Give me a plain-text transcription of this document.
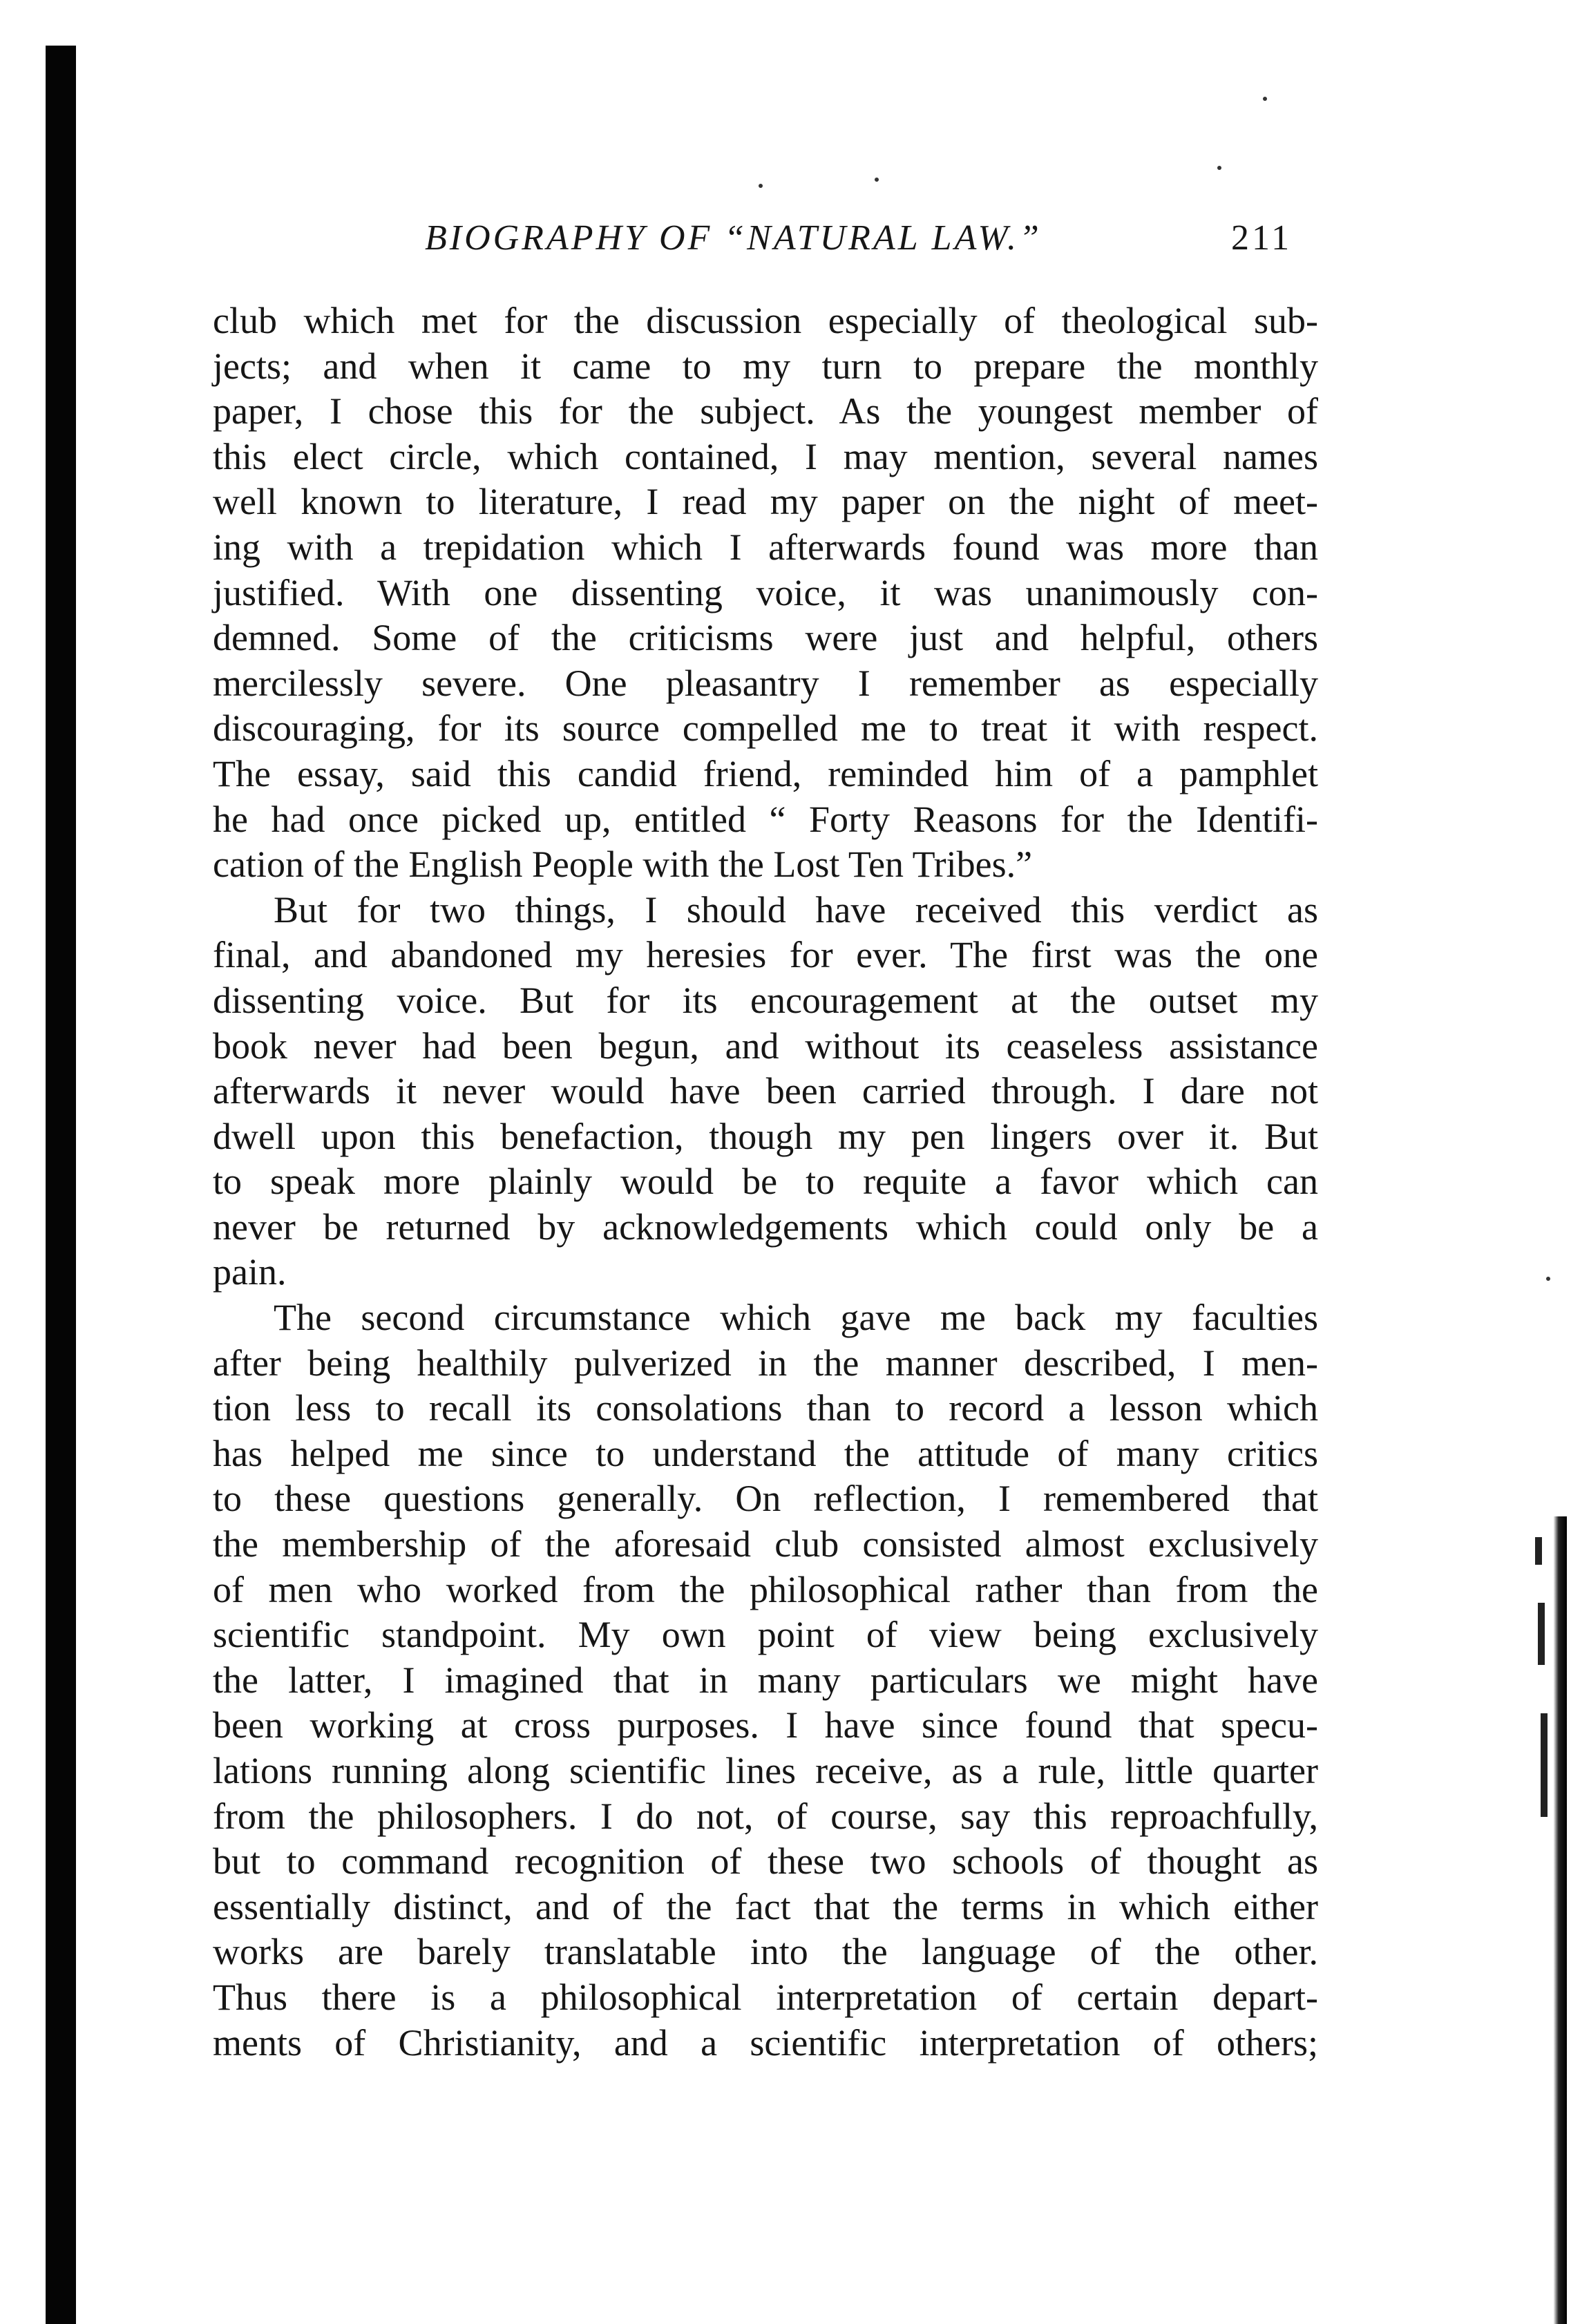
BIOGRAPHY OF “NATURAL LAW.”	211
club which met for the discussion especially of theological sub-
jects; and when it came to my turn to prepare the monthly
paper, I chose this for the subject. As the youngest member of
this elect circle, which contained, I may mention, several names
well known to literature, I read my paper on the night of meet-
ing with a trepidation which I afterwards found was more than
justified. With one dissenting voice, it was unanimously con-
demned. Some of the criticisms were just and helpful, others
mercilessly severe. One pleasantry I remember as especially
discouraging, for its source compelled me to treat it with respect.
The essay, said this candid friend, reminded him of a pamphlet
he had once picked up, entitled “ Forty Reasons for the Identifi-
cation of the English People with the Lost Ten Tribes.”
But for two things, I should have received this verdict as
final, and abandoned my heresies for ever. The first was the one
dissenting voice. But for its encouragement at the outset my
book never had been begun, and without its ceaseless assistance
afterwards it never would have been carried through. I dare not
dwell upon this benefaction, though my pen lingers over it. But
to speak more plainly would be to requite a favor which can
never be returned by acknowledgements which could only be a
pain.
The second circumstance which gave me back my faculties
after being healthily pulverized in the manner described, I men-
tion less to recall its consolations than to record a lesson which
has helped me since to understand the attitude of many critics
to these questions generally. On reflection, I remembered that
the membership of the aforesaid club consisted almost exclusively
of men who worked from the philosophical rather than from the
scientific standpoint. My own point of view being exclusively
the latter, I imagined that in many particulars we might have
been working at cross purposes. I have since found that specu-
lations running along scientific lines receive, as a rule, little quarter
from the philosophers. I do not, of course, say this reproachfully,
but to command recognition of these two schools of thought as
essentially distinct, and of the fact that the terms in which either
works are barely translatable into the language of the other.
Thus there is a philosophical interpretation of certain depart-
ments of Christianity, and a scientific interpretation of others;
